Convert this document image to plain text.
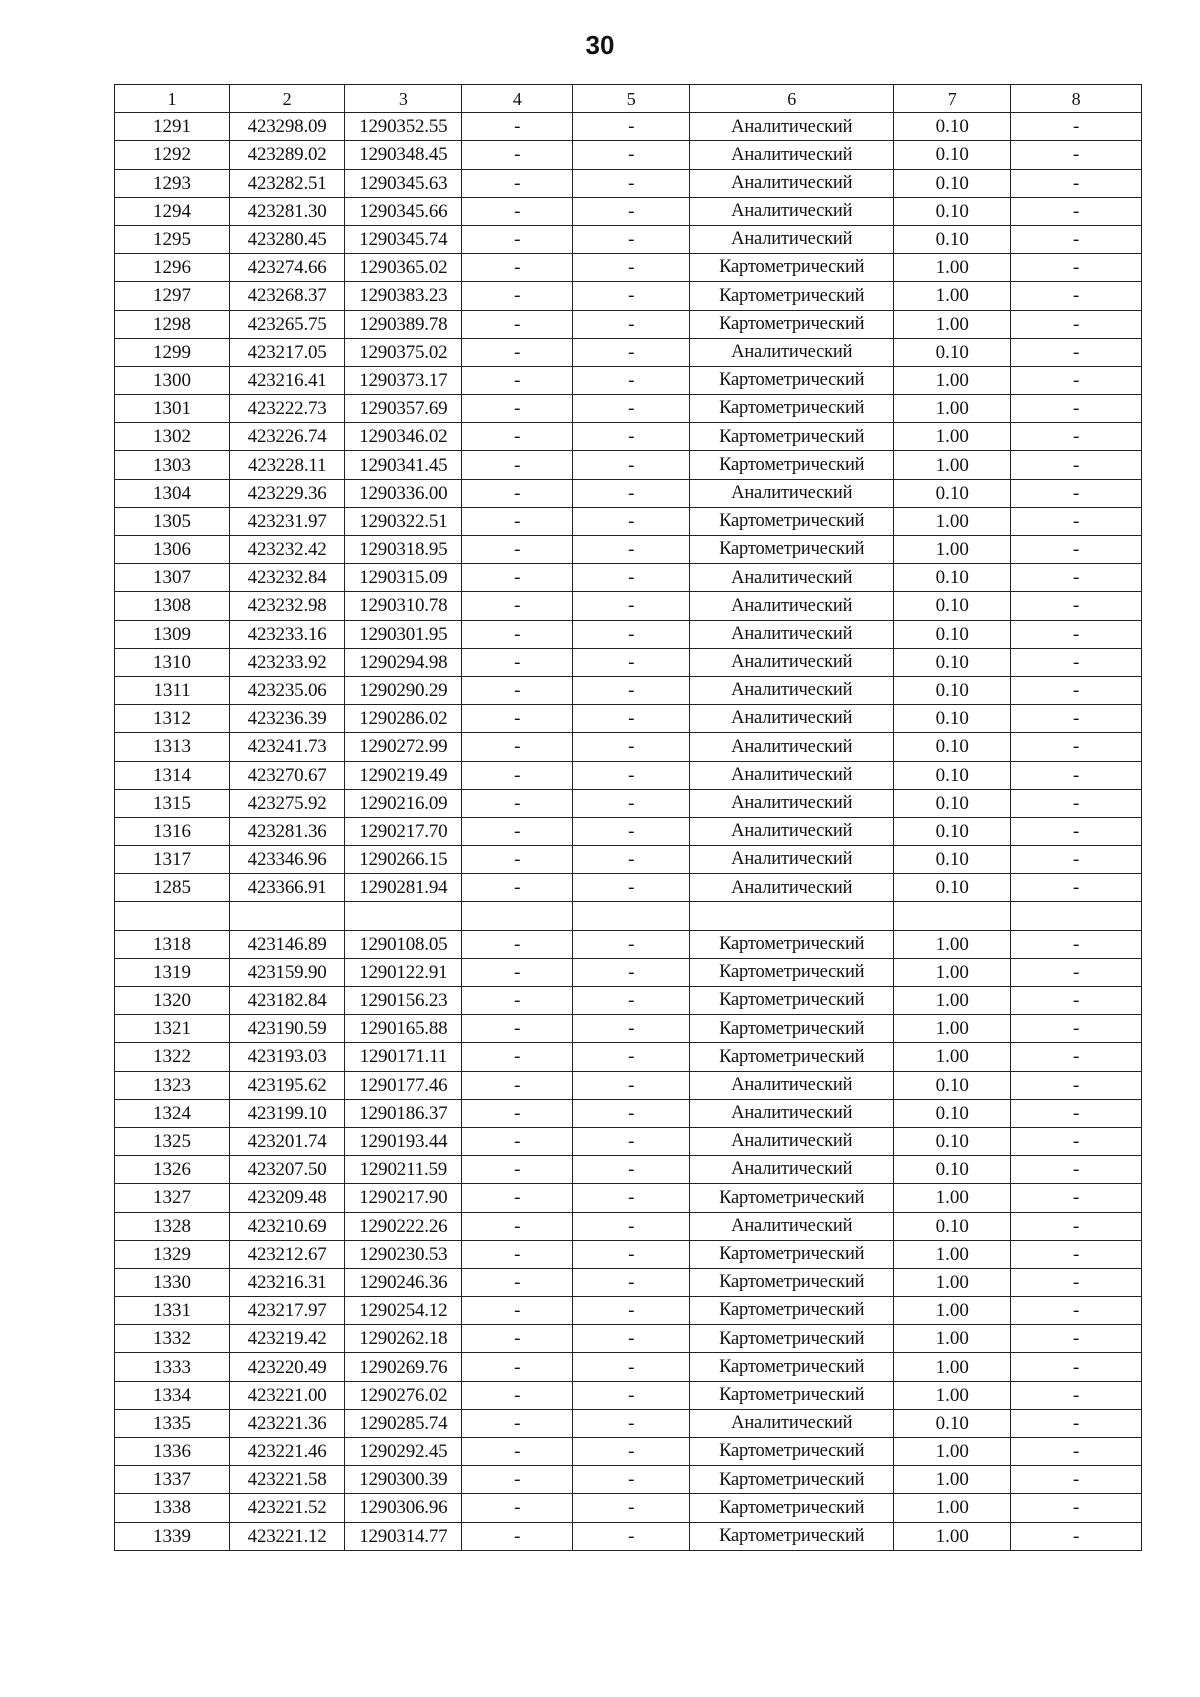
30
1	2	3	4	5	6	7	8
1291	423298.09	1290352.55	-	-	Аналитический	0.10	-
1292	423289.02	1290348.45	-	-	Аналитический	0.10	-
1293	423282.51	1290345.63	-	-	Аналитический	0.10	-
1294	423281.30	1290345.66	-	-	Аналитический	0.10	-
1295	423280.45	1290345.74	-	-	Аналитический	0.10	-
1296	423274.66	1290365.02	-	-	Картометрический	1.00	-
1297	423268.37	1290383.23	-	-	Картометрический	1.00	-
1298	423265.75	1290389.78	-	-	Картометрический	1.00	-
1299	423217.05	1290375.02	-	-	Аналитический	0.10	-
1300	423216.41	1290373.17	-	-	Картометрический	1.00	-
1301	423222.73	1290357.69	-	-	Картометрический	1.00	-
1302	423226.74	1290346.02	-	-	Картометрический	1.00	-
1303	423228.11	1290341.45	-	-	Картометрический	1.00	-
1304	423229.36	1290336.00	-	-	Аналитический	0.10	-
1305	423231.97	1290322.51	-	-	Картометрический	1.00	-
1306	423232.42	1290318.95	-	-	Картометрический	1.00	-
1307	423232.84	1290315.09	-	-	Аналитический	0.10	-
1308	423232.98	1290310.78	-	-	Аналитический	0.10	-
1309	423233.16	1290301.95	-	-	Аналитический	0.10	-
1310	423233.92	1290294.98	-	-	Аналитический	0.10	-
1311	423235.06	1290290.29	-	-	Аналитический	0.10	-
1312	423236.39	1290286.02	-	-	Аналитический	0.10	-
1313	423241.73	1290272.99	-	-	Аналитический	0.10	-
1314	423270.67	1290219.49	-	-	Аналитический	0.10	-
1315	423275.92	1290216.09	-	-	Аналитический	0.10	-
1316	423281.36	1290217.70	-	-	Аналитический	0.10	-
1317	423346.96	1290266.15	-	-	Аналитический	0.10	-
1285	423366.91	1290281.94	-	-	Аналитический	0.10	-

1318	423146.89	1290108.05	-	-	Картометрический	1.00	-
1319	423159.90	1290122.91	-	-	Картометрический	1.00	-
1320	423182.84	1290156.23	-	-	Картометрический	1.00	-
1321	423190.59	1290165.88	-	-	Картометрический	1.00	-
1322	423193.03	1290171.11	-	-	Картометрический	1.00	-
1323	423195.62	1290177.46	-	-	Аналитический	0.10	-
1324	423199.10	1290186.37	-	-	Аналитический	0.10	-
1325	423201.74	1290193.44	-	-	Аналитический	0.10	-
1326	423207.50	1290211.59	-	-	Аналитический	0.10	-
1327	423209.48	1290217.90	-	-	Картометрический	1.00	-
1328	423210.69	1290222.26	-	-	Аналитический	0.10	-
1329	423212.67	1290230.53	-	-	Картометрический	1.00	-
1330	423216.31	1290246.36	-	-	Картометрический	1.00	-
1331	423217.97	1290254.12	-	-	Картометрический	1.00	-
1332	423219.42	1290262.18	-	-	Картометрический	1.00	-
1333	423220.49	1290269.76	-	-	Картометрический	1.00	-
1334	423221.00	1290276.02	-	-	Картометрический	1.00	-
1335	423221.36	1290285.74	-	-	Аналитический	0.10	-
1336	423221.46	1290292.45	-	-	Картометрический	1.00	-
1337	423221.58	1290300.39	-	-	Картометрический	1.00	-
1338	423221.52	1290306.96	-	-	Картометрический	1.00	-
1339	423221.12	1290314.77	-	-	Картометрический	1.00	-
